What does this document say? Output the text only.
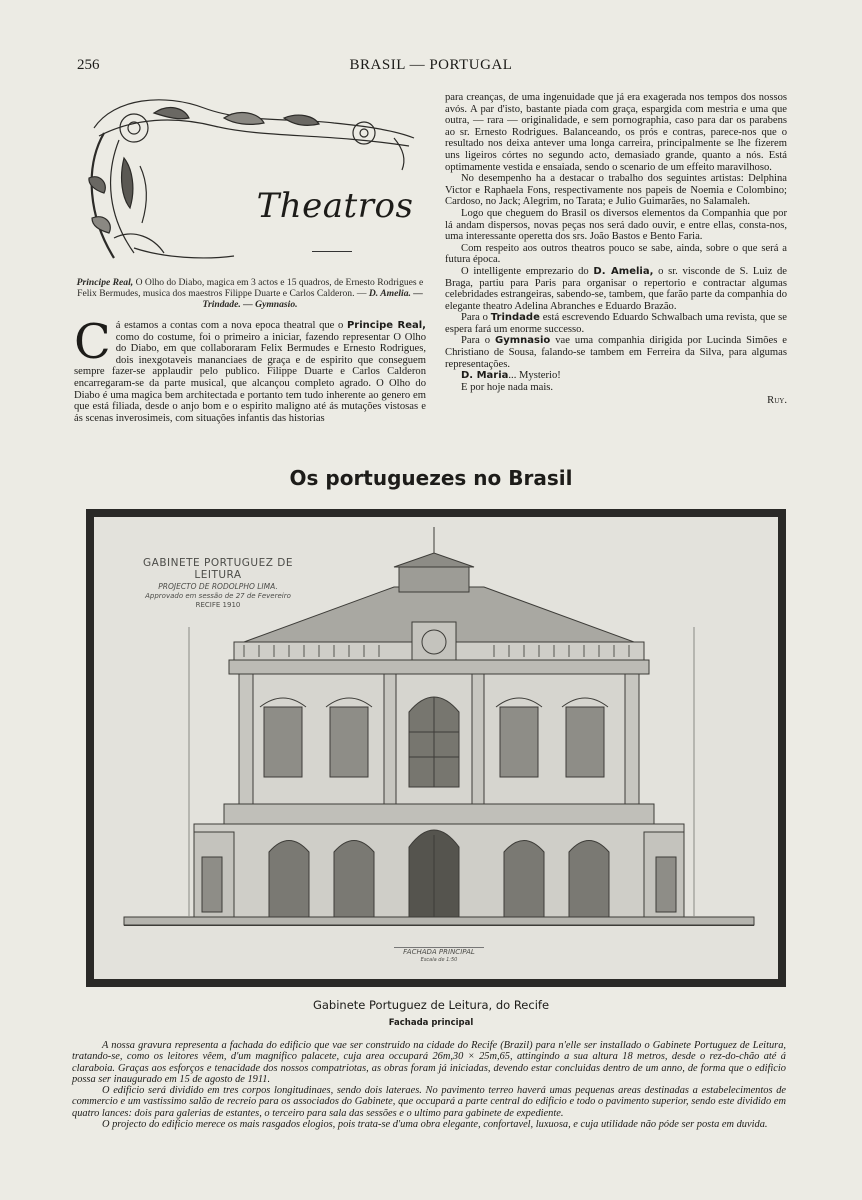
256	BRASIL — PORTUGAL
Theatros
Principe Real, O Olho do Diabo, magica em 3 actos e 15 quadros, de Ernesto Rodrigues e Felix Bermudes, musica dos maestros Filippe Duarte e Carlos Calderon. — D. Amelia. — Trindade. — Gymnasio.

Cá estamos a contas com a nova epoca theatral que o Principe Real, como do costume, foi o primeiro a iniciar, fazendo representar O Olho do Diabo, em que collaboraram Felix Bermudes e Ernesto Rodrigues, dois inexgotaveis mananciaes de graça e de espirito que conseguem sempre fazer-se applaudir pelo publico. Filippe Duarte e Carlos Calderon encarregaram-se da parte musical, que alcançou completo agrado. O Olho do Diabo é uma magica bem architectada e portanto tem tudo inherente ao genero em que está filiada, desde o anjo bom e o espirito maligno até ás mutações vistosas e ás scenas inverosimeis, com situações infantis das historias

para creanças, de uma ingenuidade que já era exagerada nos tempos dos nossos avós. A par d'isto, bastante piada com graça, espargida com mestria e uma que outra, — rara — originalidade, e sem pornographia, caso para dar os parabens ao sr. Ernesto Rodrigues. Balanceando, os prós e contras, parece-nos que o resultado nos deixa antever uma longa carreira, principalmente se lhe fizerem uns ligeiros córtes no segundo acto, demasiado grande, quanto a nós. Está optimamente vestida e ensaiada, sendo o scenario de um effeito maravilhoso.

No desempenho ha a destacar o trabalho dos seguintes artistas: Delphina Victor e Raphaela Fons, respectivamente nos papeis de Noemia e Colombino; Cardoso, no Jack; Alegrim, no Tarata; e Julio Guimarães, no Salamaleh.

Logo que cheguem do Brasil os diversos elementos da Companhia que por lá andam dispersos, novas peças nos será dado ouvir, e entre ellas, consta-nos, uma interessante operetta dos srs. João Bastos e Bento Faria.

Com respeito aos outros theatros pouco se sabe, ainda, sobre o que será a futura época.

O intelligente emprezario do D. Amelia, o sr. visconde de S. Luiz de Braga, partiu para Paris para organisar o repertorio e contractar algumas celebridades estrangeiras, sabendo-se, tambem, que farão parte da companhia do elegante theatro Adelina Abranches e Eduardo Brazão.

Para o Trindade está escrevendo Eduardo Schwalbach uma revista, que se espera fará um enorme successo.

Para o Gymnasio vae uma companhia dirigida por Lucinda Simões e Christiano de Sousa, falando-se tambem em Ferreira da Silva, para algumas representações.

D. Maria... Mysterio!

E por hoje nada mais.

Ruy.
Os portuguezes no Brasil
GABINETE PORTUGUEZ DE LEITURA
PROJECTO DE RODOLPHO LIMA.
Approvado em sessão de 27 de Fevereiro
RECIFE 1910
FACHADA PRINCIPAL
Escala de 1:50
Gabinete Portuguez de Leitura, do Recife
Fachada principal

A nossa gravura representa a fachada do edificio que vae ser construido na cidade do Recife (Brazil) para n'elle ser installado o Gabinete Portuguez de Leitura, tratando-se, como os leitores vêem, d'um magnifico palacete, cuja area occupará 26m,30 × 25m,65, attingindo a sua altura 18 metros, desde o rez-do-chão até á claraboia. Graças aos esforços e tenacidade dos nossos compatriotas, as obras foram já iniciadas, devendo estar concluidas dentro de um anno, de forma que o edificio possa ser inaugurado em 15 de agosto de 1911.

O edificio será dividido em tres corpos longitudinaes, sendo dois lateraes. No pavimento terreo haverá umas pequenas areas destinadas a estabelecimentos de commercio e um vastissimo salão de recreio para os associados do Gabinete, que occupará a parte central do edificio e todo o pavimento superior, sendo este dividido em quatro lances: dois para galerias de estantes, o terceiro para sala das sessões e o ultimo para gabinete de expediente.

O projecto do edificio merece os mais rasgados elogios, pois trata-se d'uma obra elegante, confortavel, luxuosa, e cuja utilidade não póde ser posta em duvida.
